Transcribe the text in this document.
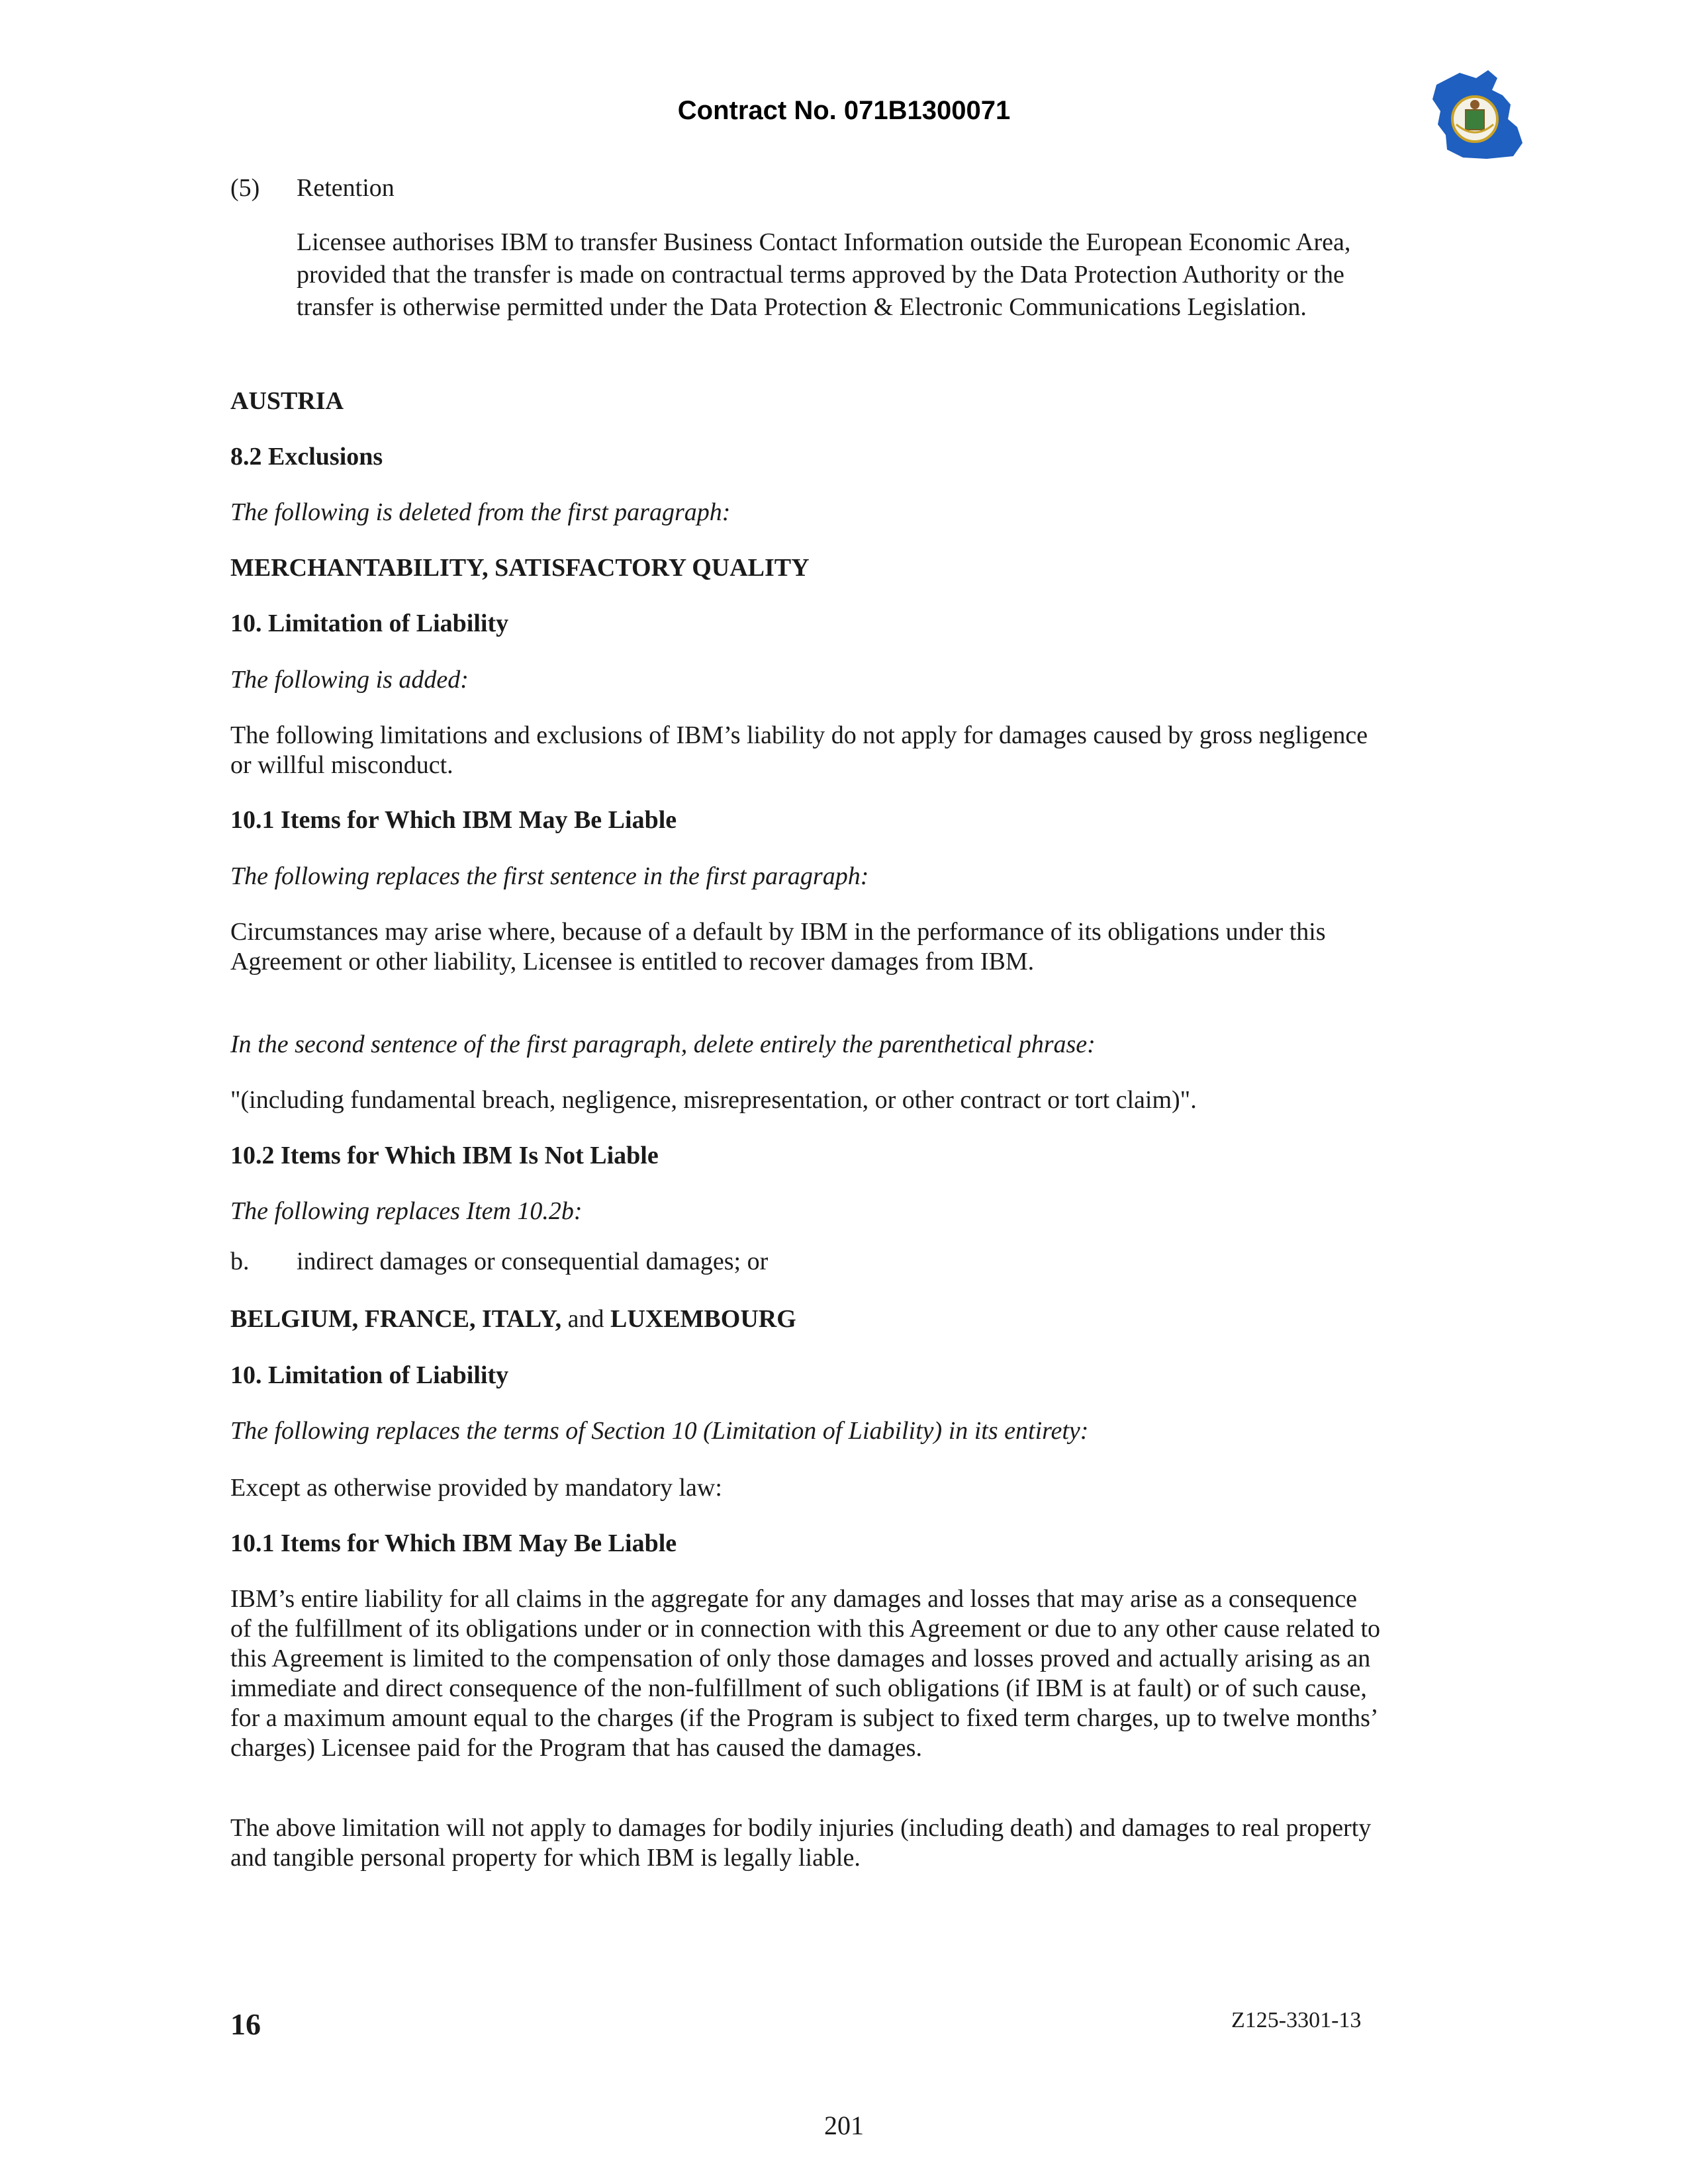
Contract No. 071B1300071
(5) Retention

Licensee authorises IBM to transfer Business Contact Information outside the European Economic Area, provided that the transfer is made on contractual terms approved by the Data Protection Authority or the transfer is otherwise permitted under the Data Protection & Electronic Communications Legislation.

AUSTRIA
8.2 Exclusions
The following is deleted from the first paragraph:
MERCHANTABILITY, SATISFACTORY QUALITY
10. Limitation of Liability
The following is added:

The following limitations and exclusions of IBM’s liability do not apply for damages caused by gross negligence or willful misconduct.

10.1 Items for Which IBM May Be Liable
The following replaces the first sentence in the first paragraph:

Circumstances may arise where, because of a default by IBM in the performance of its obligations under this Agreement or other liability, Licensee is entitled to recover damages from IBM.

In the second sentence of the first paragraph, delete entirely the parenthetical phrase:
"(including fundamental breach, negligence, misrepresentation, or other contract or tort claim)".
10.2 Items for Which IBM Is Not Liable
The following replaces Item 10.2b:
b. indirect damages or consequential damages; or
BELGIUM, FRANCE, ITALY, and LUXEMBOURG
10. Limitation of Liability
The following replaces the terms of Section 10 (Limitation of Liability) in its entirety:
Except as otherwise provided by mandatory law:
10.1 Items for Which IBM May Be Liable

IBM’s entire liability for all claims in the aggregate for any damages and losses that may arise as a consequence of the fulfillment of its obligations under or in connection with this Agreement or due to any other cause related to this Agreement is limited to the compensation of only those damages and losses proved and actually arising as an immediate and direct consequence of the non-fulfillment of such obligations (if IBM is at fault) or of such cause, for a maximum amount equal to the charges (if the Program is subject to fixed term charges, up to twelve months’ charges) Licensee paid for the Program that has caused the damages.

The above limitation will not apply to damages for bodily injuries (including death) and damages to real property and tangible personal property for which IBM is legally liable.

16	Z125-3301-13
201
